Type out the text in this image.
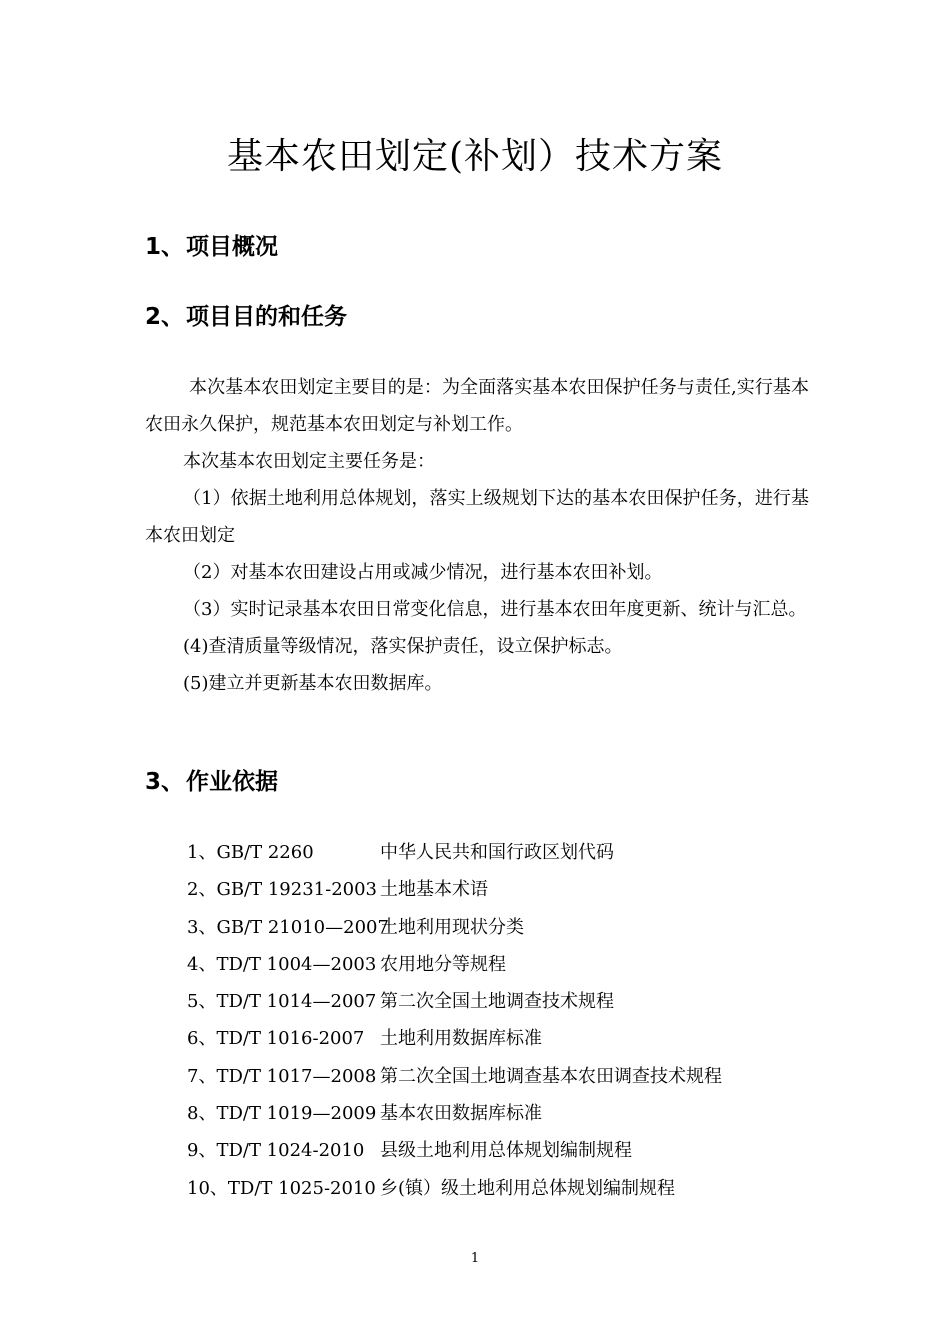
基本农田划定(补划）技术方案
1、项目概况
2、项目目的和任务

本次基本农田划定主要目的是：为全面落实基本农田保护任务与责任,实行基本农田永久保护，规范基本农田划定与补划工作。

本次基本农田划定主要任务是：

（1）依据土地利用总体规划，落实上级规划下达的基本农田保护任务，进行基本农田划定

（2）对基本农田建设占用或减少情况，进行基本农田补划。

（3）实时记录基本农田日常变化信息，进行基本农田年度更新、统计与汇总。

(4)查清质量等级情况，落实保护责任，设立保护标志。

(5)建立并更新基本农田数据库。

3、作业依据
1、GB/T 2260	中华人民共和国行政区划代码
2、GB/T 19231-2003 土地基本术语
3、GB/T 21010—2007
土地利用现状分类
4、TD/T 1004—2003 农用地分等规程
5、TD/T 1014—2007 第二次全国土地调查技术规程
6、TD/T 1016-2007 土地利用数据库标准
7、TD/T 1017—2008 第二次全国土地调查基本农田调查技术规程
8、TD/T 1019—2009 基本农田数据库标准
9、TD/T 1024-2010 县级土地利用总体规划编制规程
10、TD/T 1025-2010 乡(镇）级土地利用总体规划编制规程
1
